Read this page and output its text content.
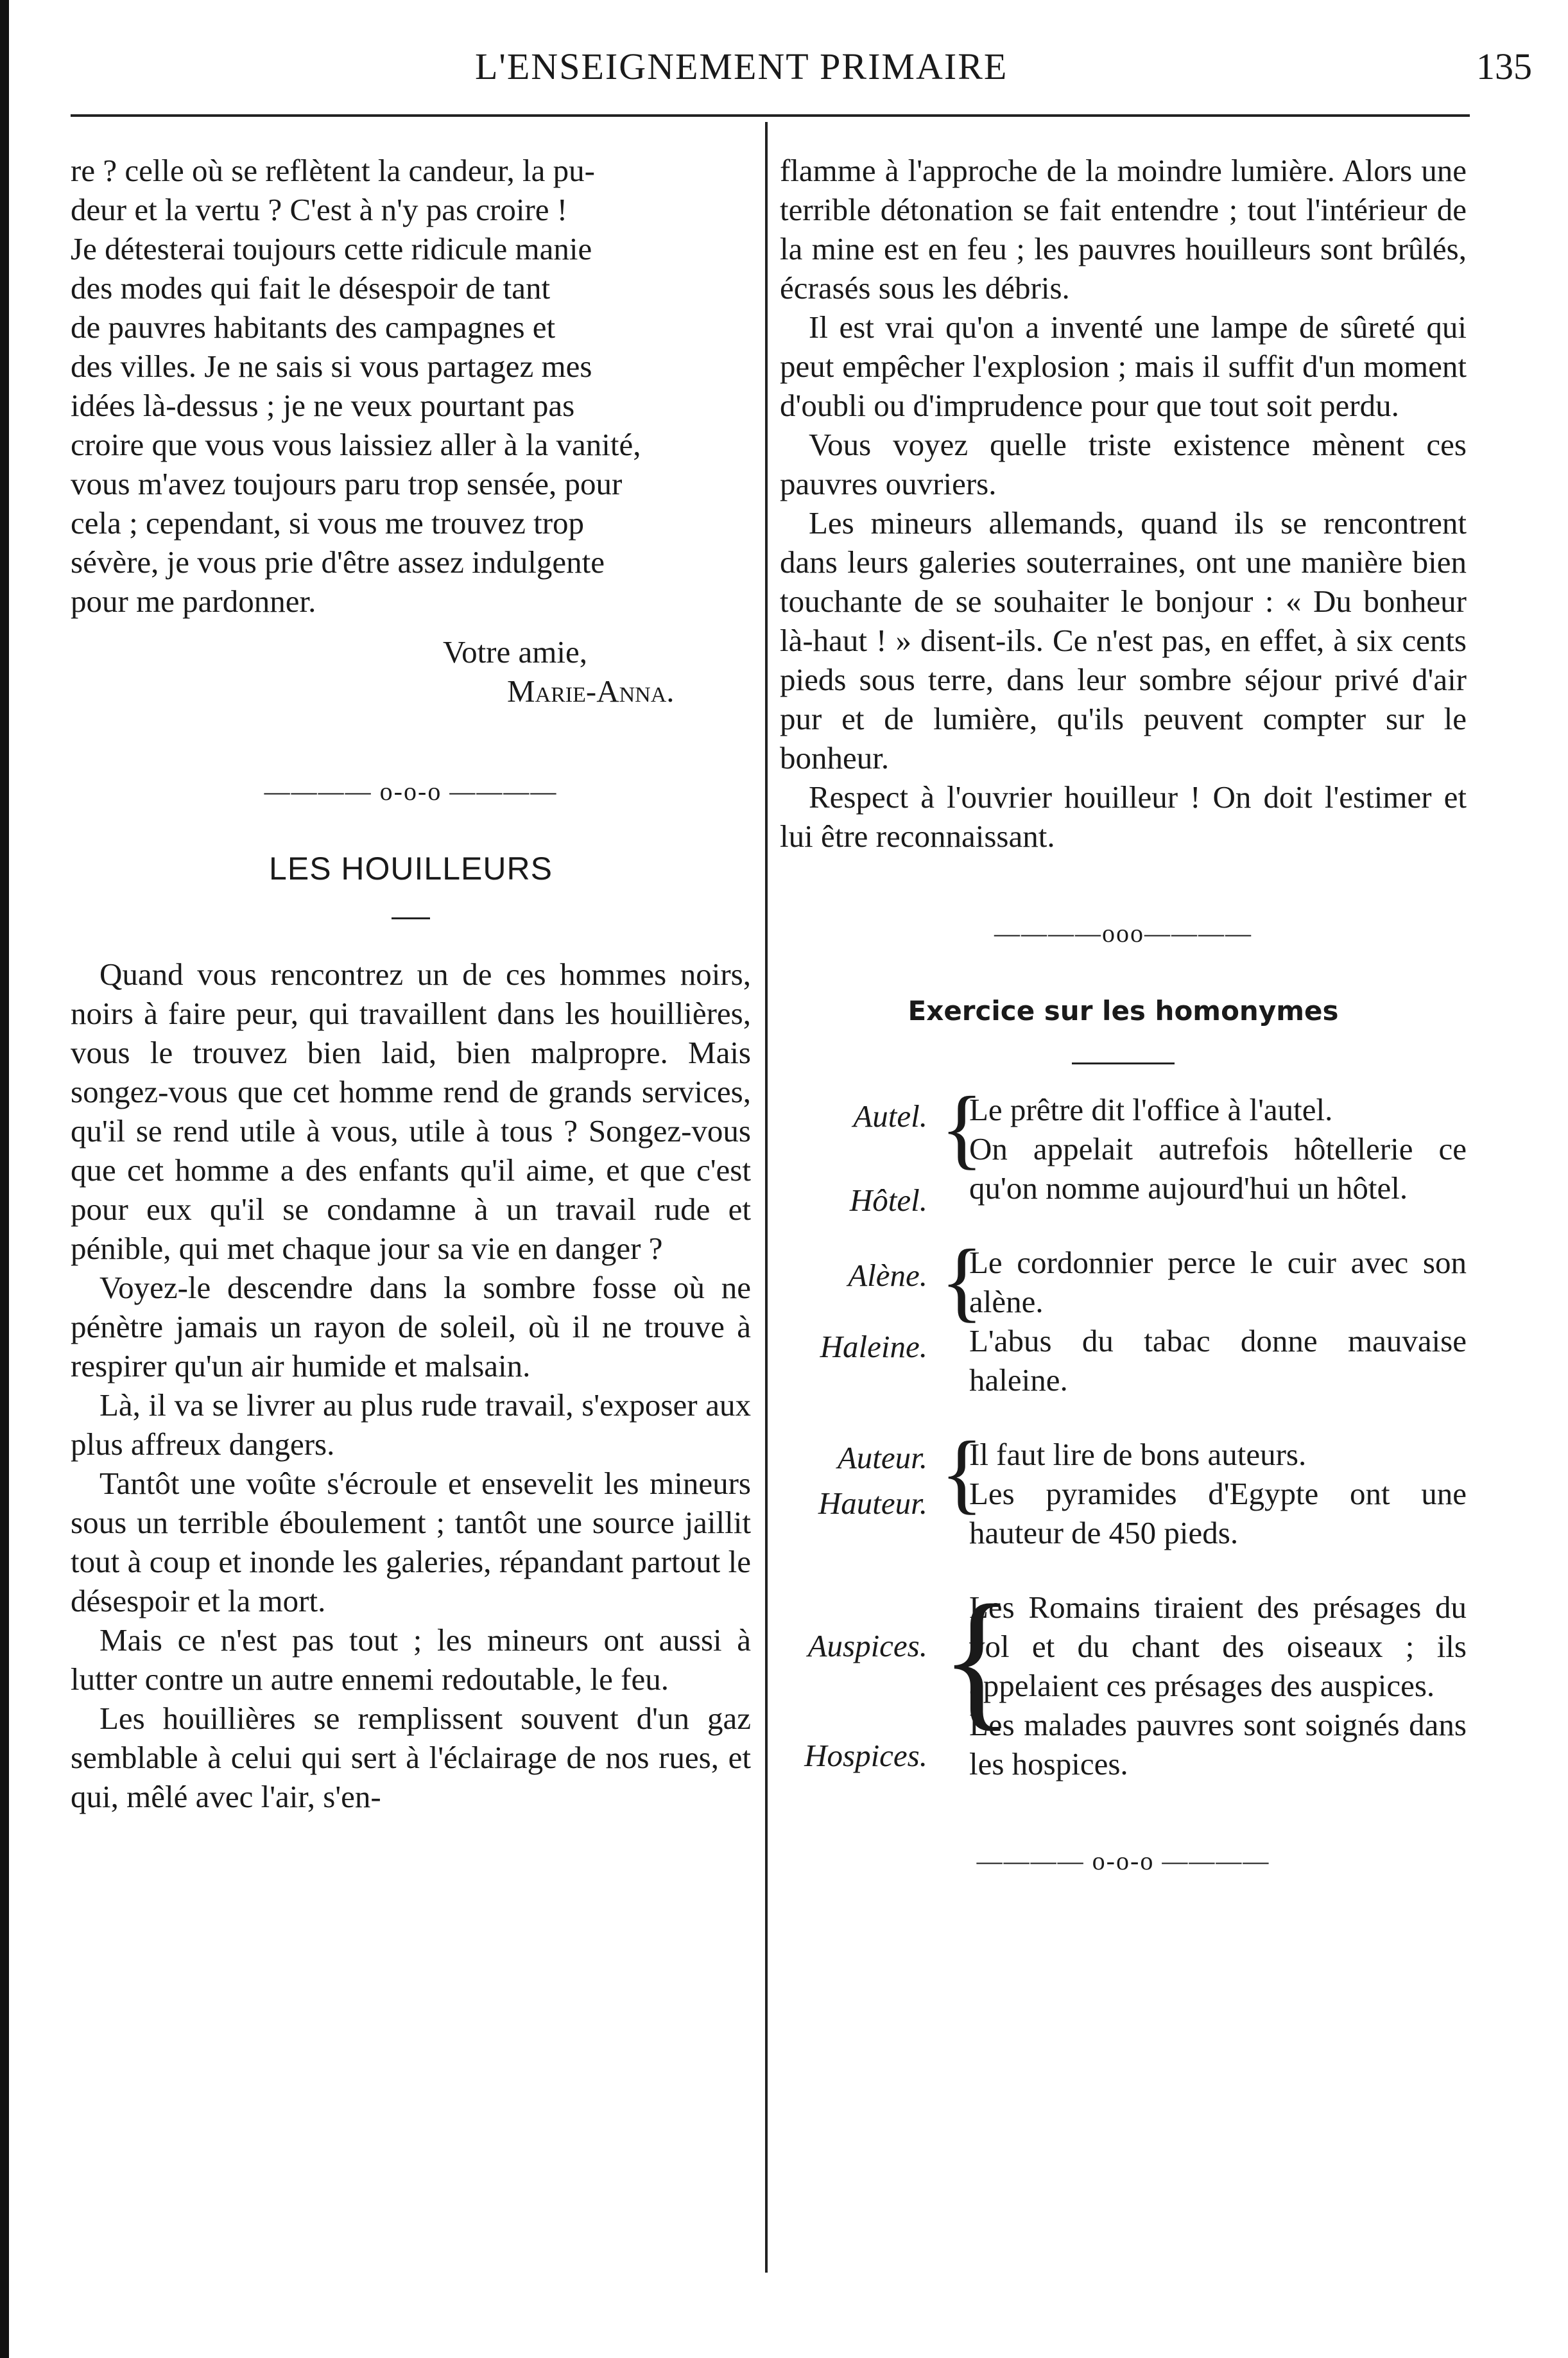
L'ENSEIGNEMENT PRIMAIRE	135

re ? celle où se reflètent la candeur, la pu-

deur et la vertu ? C'est à n'y pas croire !

Je détesterai toujours cette ridicule manie

des modes qui fait le désespoir de tant

de pauvres habitants des campagnes et

des villes. Je ne sais si vous partagez mes

idées là-dessus ; je ne veux pourtant pas

croire que vous vous laissiez aller à la vanité,

vous m'avez toujours paru trop sensée, pour

cela ; cependant, si vous me trouvez trop

sévère, je vous prie d'être assez indulgente

pour me pardonner.

Votre amie,
Marie-Anna.

———— o-o-o ————

LES HOUILLEURS

Quand vous rencontrez un de ces hommes noirs, noirs à faire peur, qui travaillent dans les houillières, vous le trouvez bien laid, bien malpropre. Mais songez-vous que cet homme rend de grands services, qu'il se rend utile à vous, utile à tous ? Songez-vous que cet homme a des enfants qu'il aime, et que c'est pour eux qu'il se condamne à un travail rude et pénible, qui met chaque jour sa vie en danger ?

Voyez-le descendre dans la sombre fosse où ne pénètre jamais un rayon de soleil, où il ne trouve à respirer qu'un air humide et malsain.

Là, il va se livrer au plus rude travail, s'exposer aux plus affreux dangers.

Tantôt une voûte s'écroule et ensevelit les mineurs sous un terrible éboulement ; tantôt une source jaillit tout à coup et inonde les galeries, répandant partout le désespoir et la mort.

Mais ce n'est pas tout ; les mineurs ont aussi à lutter contre un autre ennemi redoutable, le feu.

Les houillières se remplissent souvent d'un gaz semblable à celui qui sert à l'éclairage de nos rues, et qui, mêlé avec l'air, s'en-

flamme à l'approche de la moindre lumière. Alors une terrible détonation se fait entendre ; tout l'intérieur de la mine est en feu ; les pauvres houilleurs sont brûlés, écrasés sous les débris.

Il est vrai qu'on a inventé une lampe de sûreté qui peut empêcher l'explosion ; mais il suffit d'un moment d'oubli ou d'imprudence pour que tout soit perdu.

Vous voyez quelle triste existence mènent ces pauvres ouvriers.

Les mineurs allemands, quand ils se rencontrent dans leurs galeries souterraines, ont une manière bien touchante de se souhaiter le bonjour : « Du bonheur là-haut ! » disent-ils. Ce n'est pas, en effet, à six cents pieds sous terre, dans leur sombre séjour privé d'air pur et de lumière, qu'ils peuvent compter sur le bonheur.

Respect à l'ouvrier houilleur ! On doit l'estimer et lui être reconnaissant.

————ooo————

Exercice sur les homonymes

Autel.
Hôtel.
{
Le prêtre dit l'office à l'autel.
On appelait autrefois hôtellerie ce qu'on nomme aujourd'hui un hôtel.
Alène.
Haleine.
{
Le cordonnier perce le cuir avec son alène.
L'abus du tabac donne mauvaise haleine.
Auteur.
Hauteur. {
Il faut lire de bons auteurs.
Les pyramides d'Egypte ont une hauteur de 450 pieds.
Auspices.
Hospices.
{
Les Romains tiraient des présages du vol et du chant des oiseaux ; ils appelaient ces présages des auspices.
Les malades pauvres sont soignés dans les hospices.

———— o-o-o ————
